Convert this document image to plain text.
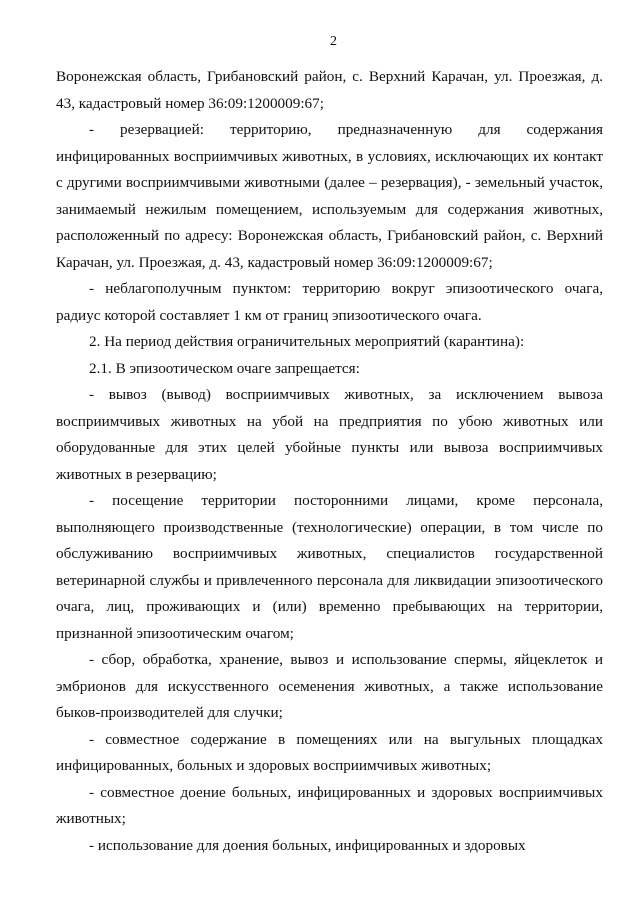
2

Воронежская область, Грибановский район, с. Верхний Карачан, ул. Проезжая, д. 43, кадастровый номер 36:09:1200009:67;

- резервацией: территорию, предназначенную для содержания инфицированных восприимчивых животных, в условиях, исключающих их контакт с другими восприимчивыми животными (далее – резервация), - земельный участок, занимаемый нежилым помещением, используемым для содержания животных, расположенный по адресу: Воронежская область, Грибановский район, с. Верхний Карачан, ул. Проезжая, д. 43, кадастровый номер 36:09:1200009:67;

- неблагополучным пунктом: территорию вокруг эпизоотического очага, радиус которой составляет 1 км от границ эпизоотического очага.

2. На период действия ограничительных мероприятий (карантина):

2.1. В эпизоотическом очаге запрещается:

- вывоз (вывод) восприимчивых животных, за исключением вывоза восприимчивых животных на убой на предприятия по убою животных или оборудованные для этих целей убойные пункты или вывоза восприимчивых животных в резервацию;

- посещение территории посторонними лицами, кроме персонала, выполняющего производственные (технологические) операции, в том числе по обслуживанию восприимчивых животных, специалистов государственной ветеринарной службы и привлеченного персонала для ликвидации эпизоотического очага, лиц, проживающих и (или) временно пребывающих на территории, признанной эпизоотическим очагом;

- сбор, обработка, хранение, вывоз и использование спермы, яйцеклеток и эмбрионов для искусственного осеменения животных, а также использование быков-производителей для случки;

- совместное содержание в помещениях или на выгульных площадках инфицированных, больных и здоровых восприимчивых животных;

- совместное доение больных, инфицированных и здоровых восприимчивых животных;

- использование для доения больных, инфицированных и здоровых
